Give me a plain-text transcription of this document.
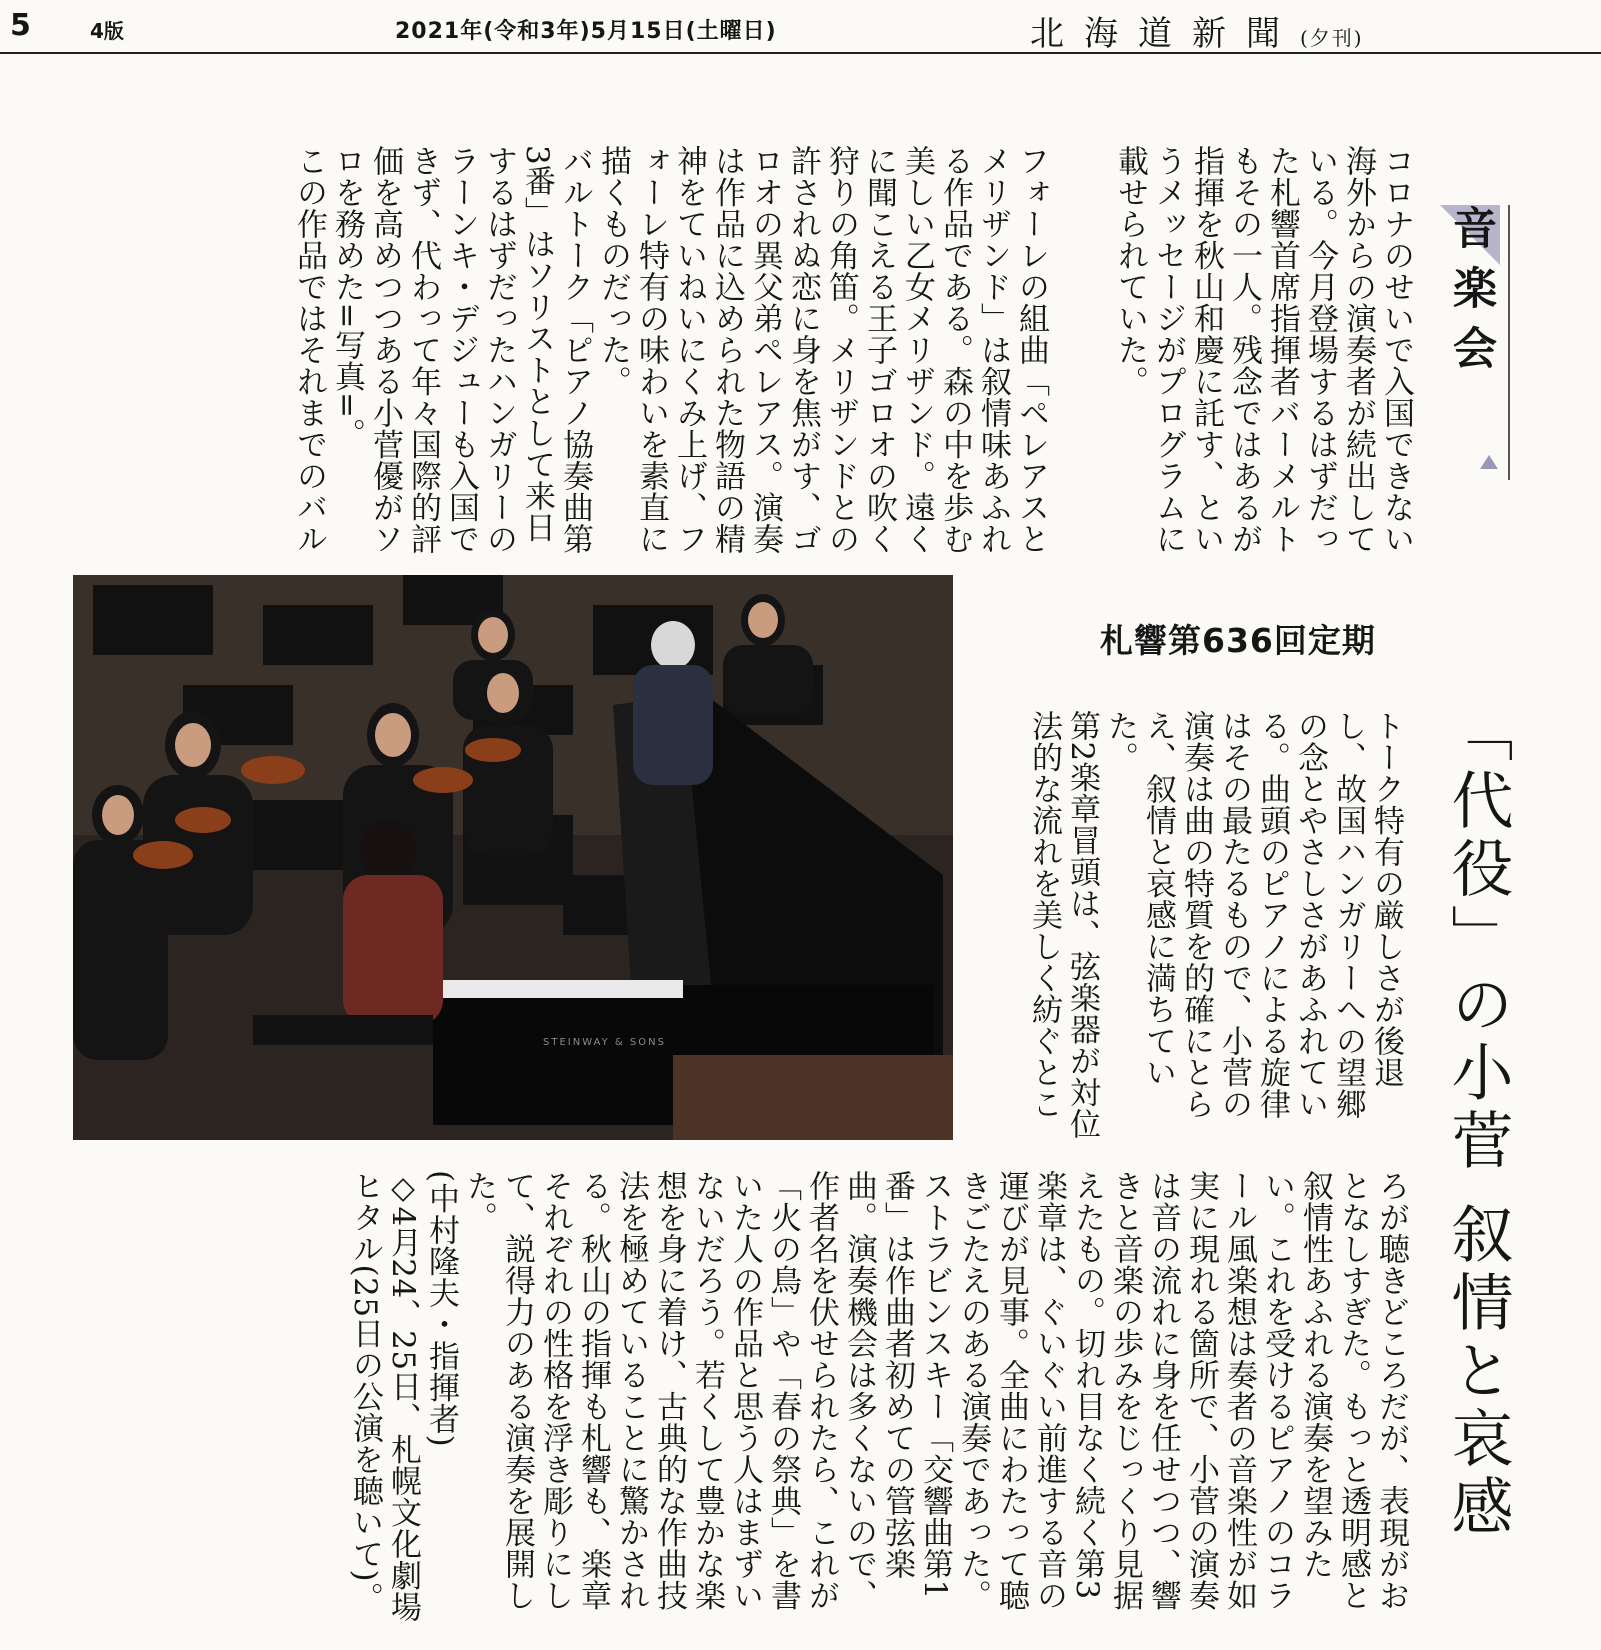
5	4版	2021年(令和3年)5月15日(土曜日)	北海道新聞(夕刊)
音楽会
「代役」の小菅 叙情と哀感
札響第636回定期

コロナのせいで入国できない海外からの演奏者が続出している。今月登場するはずだった札響首席指揮者バーメルトもその一人。残念ではあるが指揮を秋山和慶に託す、というメッセージがプログラムに載せられていた。

フォーレの組曲「ペレアスとメリザンド」は叙情味あふれる作品である。森の中を歩む美しい乙女メリザンド。遠くに聞こえる王子ゴロオの吹く狩りの角笛。メリザンドとの許されぬ恋に身を焦がす、ゴロオの異父弟ペレアス。演奏は作品に込められた物語の精神をていねいにくみ上げ、フォーレ特有の味わいを素直に描くものだった。

バルトーク「ピアノ協奏曲第3番」はソリストとして来日するはずだったハンガリーのラーンキ・デジューも入国できず、代わって年々国際的評価を高めつつある小菅優がソロを務めた=写真=。

この作品ではそれまでのバル

トーク特有の厳しさが後退し、故国ハンガリーへの望郷の念とやさしさがあふれている。曲頭のピアノによる旋律はその最たるもので、小菅の演奏は曲の特質を的確にとらえ、叙情と哀感に満ちていた。

第2楽章冒頭は、弦楽器が対位法的な流れを美しく紡ぐとこ

STEINWAY & SONS

ろが聴きどころだが、表現がおとなしすぎた。もっと透明感と叙情性あふれる演奏を望みたい。これを受けるピアノのコラール風楽想は奏者の音楽性が如実に現れる箇所で、小菅の演奏は音の流れに身を任せつつ、響きと音楽の歩みをじっくり見据えたもの。切れ目なく続く第3楽章は、ぐいぐい前進する音の運びが見事。全曲にわたって聴きごたえのある演奏であった。

ストラビンスキー「交響曲第1番」は作曲者初めての管弦楽曲。演奏機会は多くないので、作者名を伏せられたら、これが「火の鳥」や「春の祭典」を書いた人の作品と思う人はまずいないだろう。若くして豊かな楽想を身に着け、古典的な作曲技法を極めていることに驚かされる。秋山の指揮も札響も、楽章それぞれの性格を浮き彫りにして、説得力のある演奏を展開した。

(中村隆夫・指揮者)
◇4月24、25日、札幌文化劇場ヒタル(25日の公演を聴いて)。
